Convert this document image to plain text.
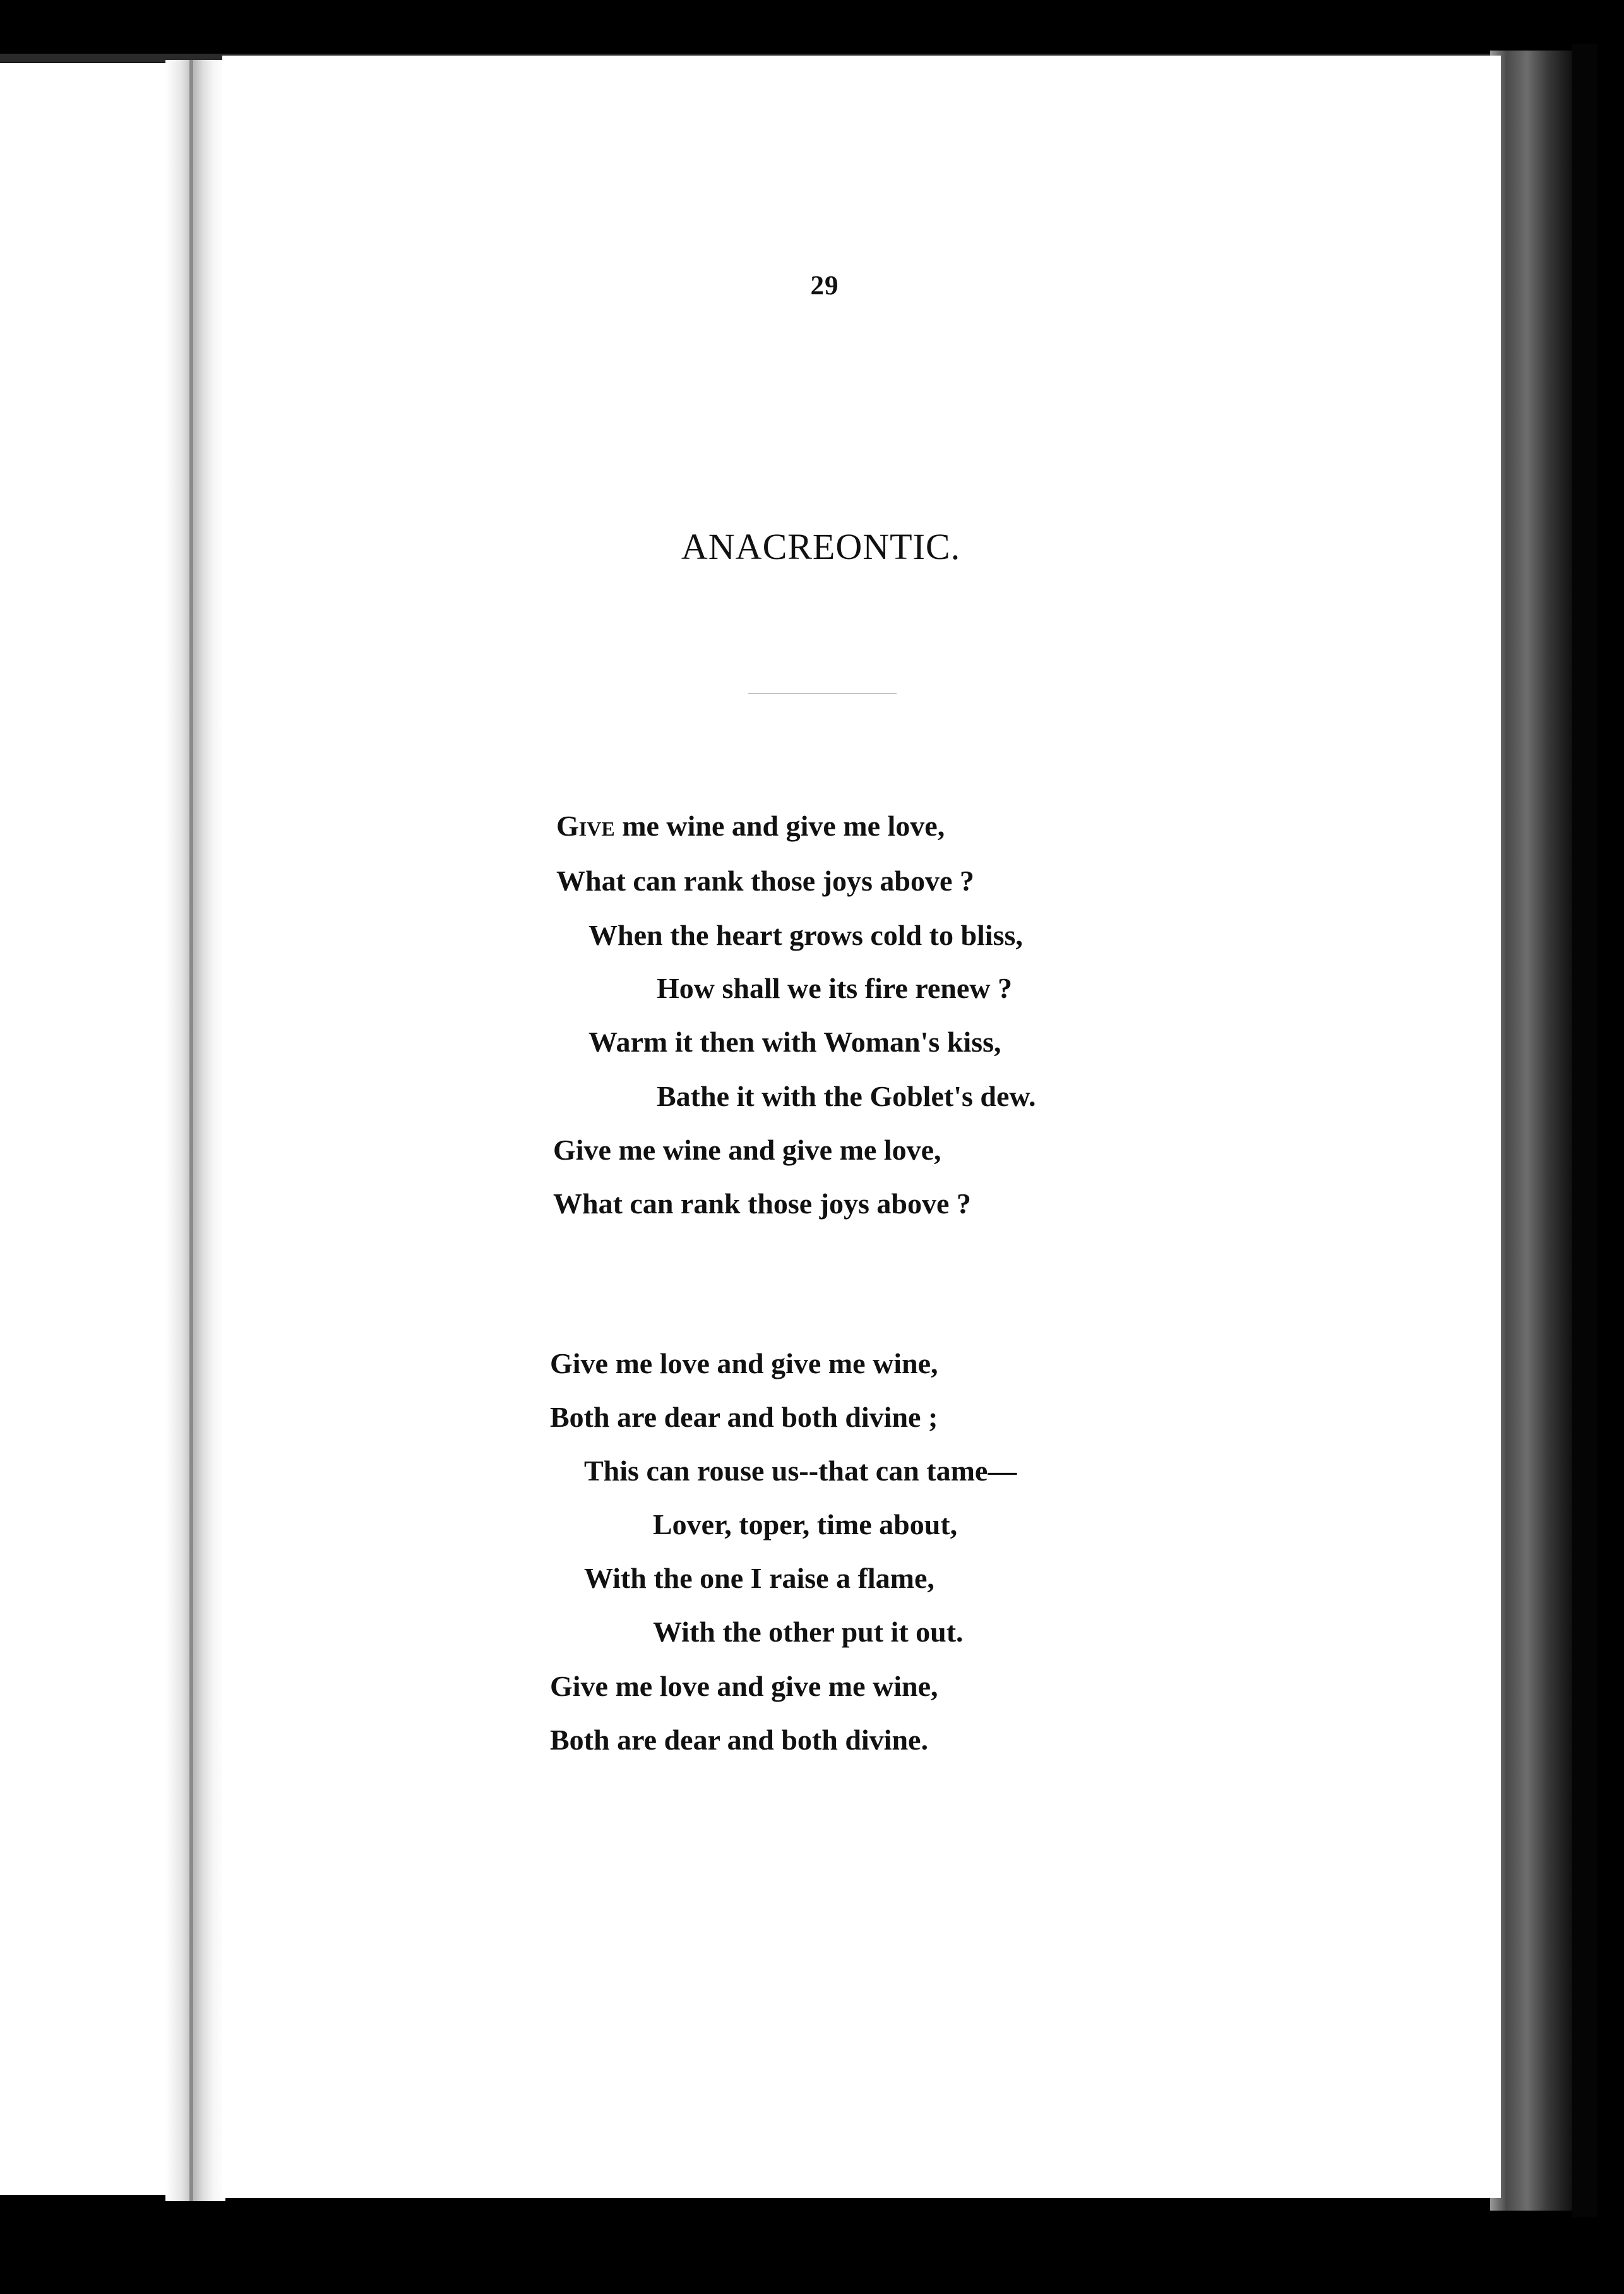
29
ANACREONTIC.
Give me wine and give me love,
What can rank those joys above ?
When the heart grows cold to bliss,
How shall we its fire renew ?
Warm it then with Woman's kiss,
Bathe it with the Goblet's dew.
Give me wine and give me love,
What can rank those joys above ?
Give me love and give me wine,
Both are dear and both divine ;
This can rouse us--that can tame—
Lover, toper, time about,
With the one I raise a flame,
With the other put it out.
Give me love and give me wine,
Both are dear and both divine.
